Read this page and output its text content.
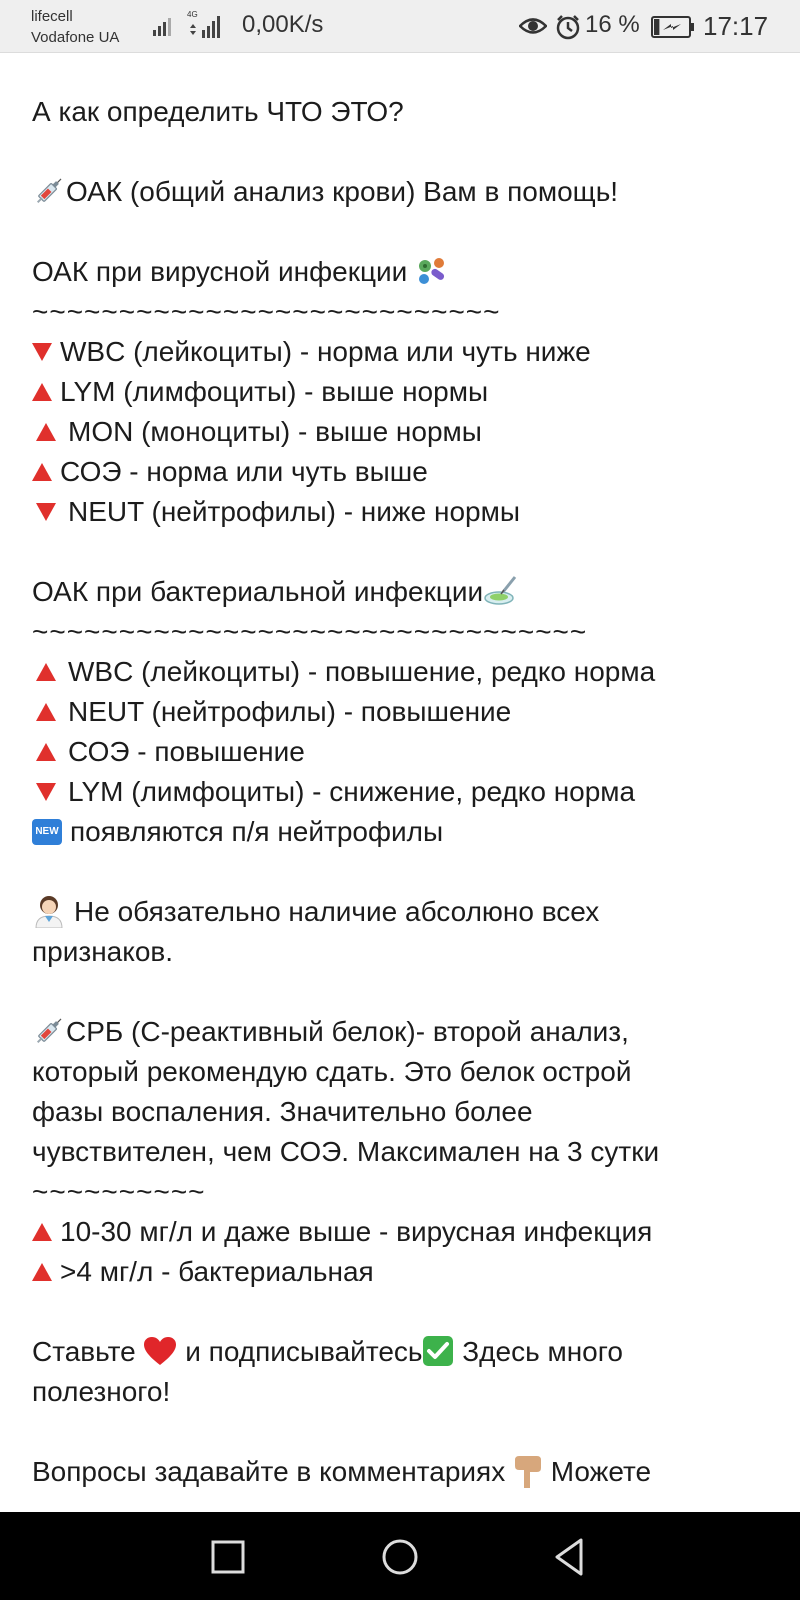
lifecell
Vodafone UA
4G 0,00K/s	16 % 17:17
А как определить ЧТО ЭТО?
ОАК (общий анализ крови) Вам в помощь!
ОАК при вирусной инфекции
~~~~~~~~~~~~~~~~~~~~~~~~~~~
WBC (лейкоциты) - норма или чуть ниже
LYM (лимфоциты) - выше нормы
MON (моноциты) - выше нормы
СОЭ - норма или чуть выше
NEUT (нейтрофилы) - ниже нормы
ОАК при бактериальной инфекции
~~~~~~~~~~~~~~~~~~~~~~~~~~~~~~~~
WBC (лейкоциты) - повышение, редко норма
NEUT (нейтрофилы) - повышение
СОЭ - повышение
LYM (лимфоциты) - снижение, редко норма
NEW появляются п/я нейтрофилы
Не обязательно наличие абсолюно всех
признаков.
СРБ (С-реактивный белок)- второй анализ,
который рекомендую сдать. Это белок острой
фазы воспаления. Значительно более
чувствителен, чем СОЭ. Максимален на 3 сутки
~~~~~~~~~~
10-30 мг/л и даже выше - вирусная инфекция
>4 мг/л - бактериальная
Ставьте и подписывайтесь Здесь много
полезного!
Вопросы задавайте в комментариях Можете
